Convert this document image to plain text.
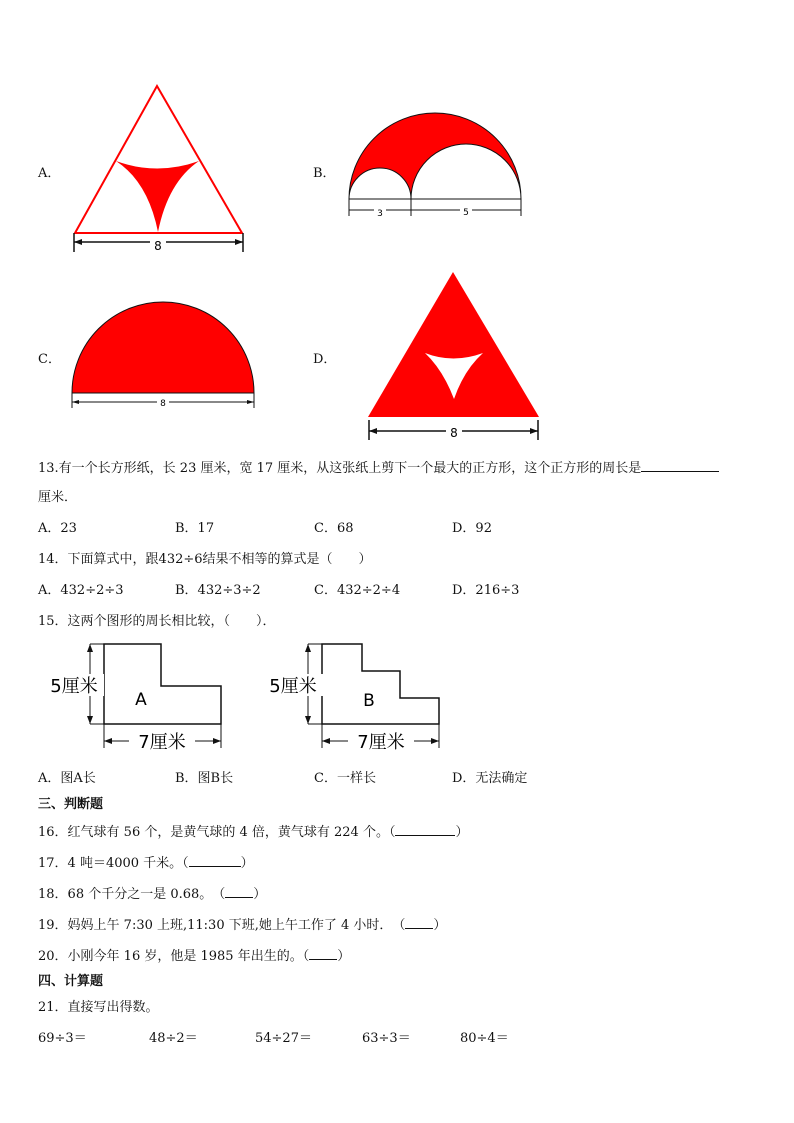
A．
8
B．
3	5
C．
8
D．
8
13.有一个长方形纸，长 23 厘米，宽 17 厘米，从这张纸上剪下一个最大的正方形，这个正方形的周长是
厘米．
A．23	B．17	C．68	D．92
14．下面算式中，跟432÷6结果不相等的算式是（　　）
A．432÷2÷3	B．432÷3÷2	C．432÷2÷4	D．216÷3
15．这两个图形的周长相比较，（　　）．
5厘米
A
7厘米
5厘米
B
7厘米
A．图A长	B．图B长	C．一样长	D．无法确定
三、判断题
16．红气球有 56 个，是黄气球的 4 倍，黄气球有 224 个。（	）
17．4 吨＝4000 千米。（	）
18．68 个千分之一是 0.68。　（ ）
19．妈妈上午 7:30 上班,11:30 下班,她上午工作了 4 小时．　（ ）
20．小刚今年 16 岁，他是 1985 年出生的。（ ）
四、计算题
21．直接写出得数。
69÷3＝	48÷2＝	54÷27＝	63÷3＝	80÷4＝
